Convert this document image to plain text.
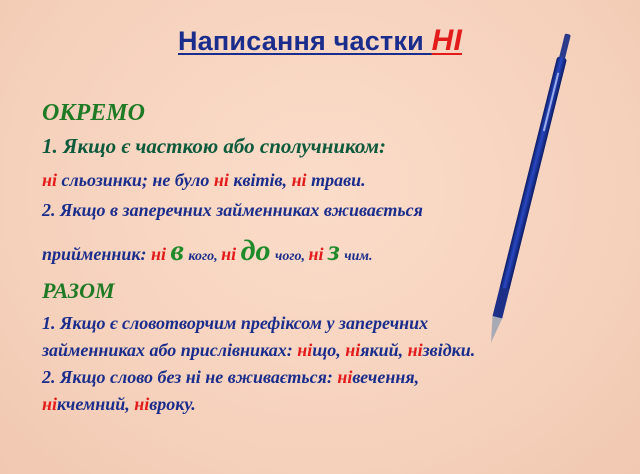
Написання частки НІ
ОКРЕМО
1. Якщо є часткою або сполучником:
ні сльозинки; не було ні квітів, ні трави.
2. Якщо в заперечних займенниках вживається
прийменник: ні в кого, ні до чого, ні з чим.
РАЗОМ
1. Якщо є словотворчим префіксом у заперечних
займенниках або прислівниках: ніщо, ніякий, нізвідки.
2. Якщо слово без ні не вживається: нівечення,
нікчемний, нівроку.
